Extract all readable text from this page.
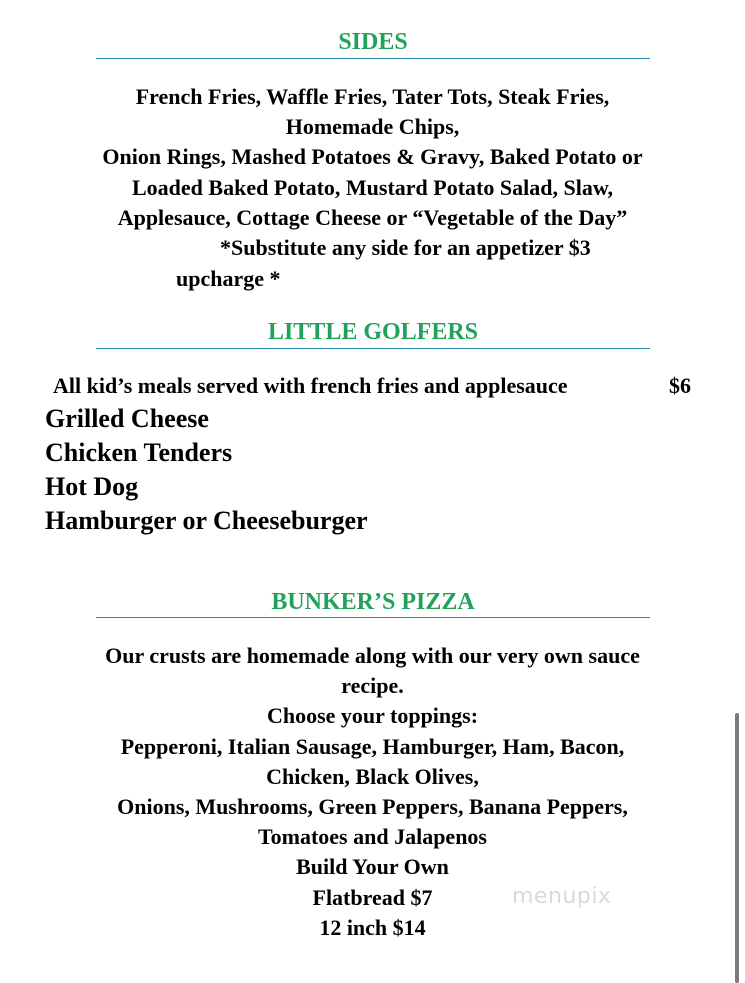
SIDES
French Fries, Waffle Fries, Tater Tots, Steak Fries,
Homemade Chips,
Onion Rings, Mashed Potatoes & Gravy, Baked Potato or
Loaded Baked Potato, Mustard Potato Salad, Slaw,
Applesauce, Cottage Cheese or “Vegetable of the Day”
*Substitute any side for an appetizer $3
upcharge *
LITTLE GOLFERS
All kid’s meals served with french fries and applesauce	$6
Grilled Cheese
Chicken Tenders
Hot Dog
Hamburger or Cheeseburger
BUNKER’S PIZZA
Our crusts are homemade along with our very own sauce
recipe.
Choose your toppings:
Pepperoni, Italian Sausage, Hamburger, Ham, Bacon,
Chicken, Black Olives,
Onions, Mushrooms, Green Peppers, Banana Peppers,
Tomatoes and Jalapenos
Build Your Own
Flatbread $7
12 inch $14
menupix
